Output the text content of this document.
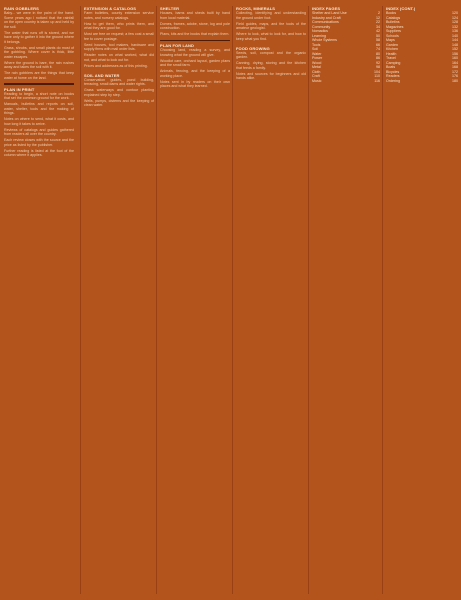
RAIN GOBBLERS

Baby... we were in the palm of the hand. Some years ago I noticed that the rainfall on the open country is taken up and held by the soil.

The water that runs off is stored, and we have only to gather it into the ground where it belongs.

Grass, shrubs, and small plants do most of the gobbling. Where cover is thick, little water escapes.

Where the ground is bare, the rain rushes away and takes the soil with it.

The rain gobblers are the things that keep water at home on the land.

PLAN IN PRINT

Reading to begin, a short note on books that set the common ground for the work.

Manuals, bulletins and reports on soil, water, shelter, tools and the making of things.

Notes on where to send, what it costs, and how long it takes to arrive.

Reviews of catalogs and guides gathered from readers all over the country.

Each review closes with the source and the price as listed by the publisher.

Further reading is listed at the foot of the column where it applies.

EXTENSION & CATALOGS

Farm bulletins, county extension service notes, and nursery catalogs.

How to get them, who prints them, and what they are good for.

Most are free on request; a few cost a small fee to cover postage.

Seed houses, tool makers, hardware and supply firms with mail order lists.

Reader notes on what worked, what did not, and what to look out for.

Prices and addresses as of this printing.

SOIL AND WATER

Conservation guides, pond building, terracing, small dams and water rights.

Grass waterways and contour planting explained step by step.

Wells, pumps, cisterns and the keeping of clean water.

SHELTER

Houses, barns and sheds built by hand from local material.

Domes, frames, adobe, stone, log and pole construction.

Plans, kits and the books that explain them.

PLAN FOR LAND

Choosing land, reading a survey, and knowing what the ground will give.

Woodlot care, orchard layout, garden plans and the small farm.

Animals, fencing, and the keeping of a working place.

Notes sent in by readers on their own places and what they learned.

ROCKS, MINERALS

Collecting, identifying and understanding the ground under foot.

Field guides, maps, and the tools of the amateur geologist.

Where to look, what to look for, and how to keep what you find.

FOOD GROWING

Seeds, soil, compost and the organic garden.

Canning, drying, storing and the kitchen that feeds a family.

Notes and sources for beginners and old hands alike.

INDEX PAGES
Shelter and Land Use	2
Industry and Craft	12
Communications	22
Community	34
Nomadics	42
Learning	50
Whole Systems	58
Tools	66
Soil	74
Water	80
Power	86
Wood	92
Metal	98
Cloth	104
Craft	110
Music	116
INDEX (CONT.)
Books	120
Catalogs	124
Bulletins	128
Magazines	132
Suppliers	136
Schools	140
Maps	144
Garden	148
Kitchen	152
Health	156
Travel	160
Camping	164
Boats	168
Bicycles	172
Readers	176
Ordering	180
